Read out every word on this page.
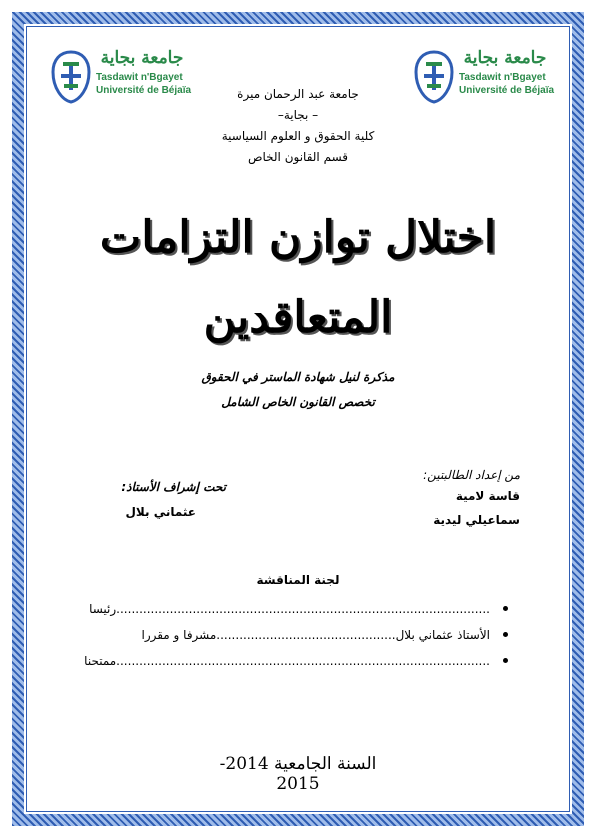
جامعة بجاية
Tasdawit n'Bgayet
Université de Béjaïa
جامعة بجاية
Tasdawit n'Bgayet
Université de Béjaïa
جامعة عبد الرحمان ميرة
– بجاية–
كلية الحقوق و العلوم السياسية
قسم القانون الخاص
اختلال توازن التزامات
المتعاقدين
مذكرة لنيل شهادة الماستر في الحقوق
تخصص القانون الخاص الشامل
من إعداد الطالبتين:
قاسة لامية
سماعيلي ليدية
تحت إشراف الأستاذ:
عثماني بلال
لجنة المناقشة
..................................................................................................رئيسا
الأستاذ عثماني بلال...............................................مشرفا و مقررا
..................................................................................................ممتحنا
السنة الجامعية 2014-2015
